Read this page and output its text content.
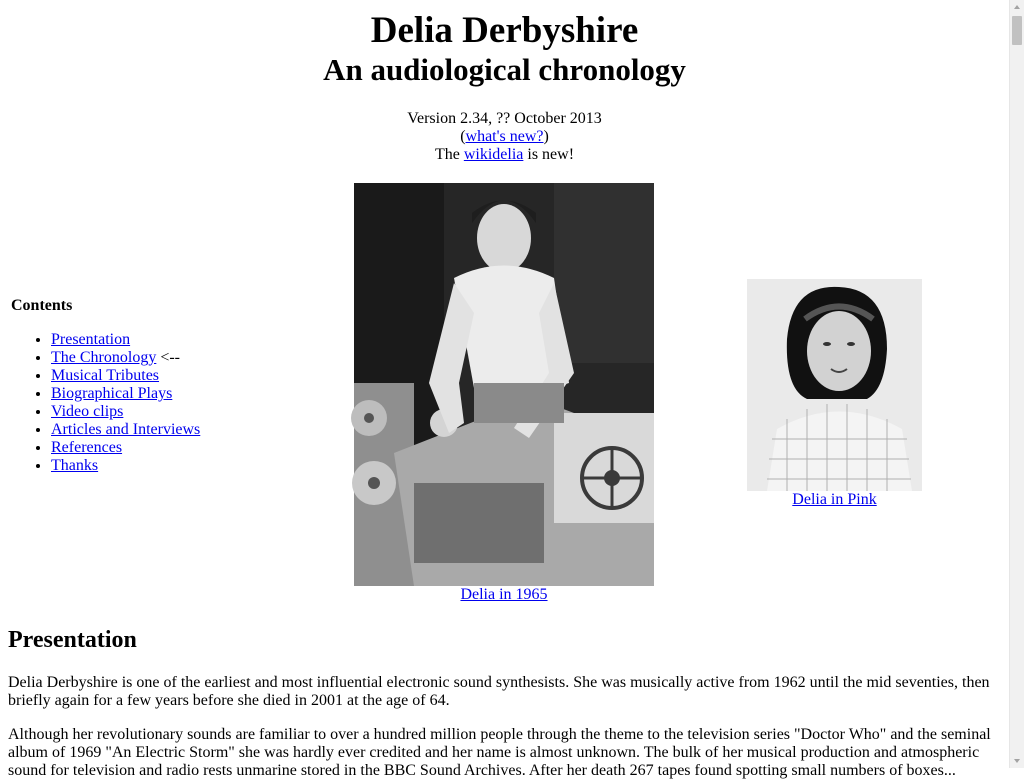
Delia Derbyshire
An audiological chronology
Version 2.34, ?? October 2013
(what's new?)
The wikidelia is new!

Contents

• Presentation
• The Chronology <--
• Musical Tributes
• Biographical Plays
• Video clips
• Articles and Interviews
• References
• Thanks
Delia in 1965
Delia in Pink
Presentation

Delia Derbyshire is one of the earliest and most influential electronic sound synthesists. She was musically active from 1962 until the mid seventies, then briefly again for a few years before she died in 2001 at the age of 64.

Although her revolutionary sounds are familiar to over a hundred million people through the theme to the television series "Doctor Who" and the seminal album of 1969 "An Electric Storm" she was hardly ever credited and her name is almost unknown. The bulk of her musical production and atmospheric sound for television and radio rests unmarine stored in the BBC Sound Archives. After her death 267 tapes found spotting small numbers of boxes...
